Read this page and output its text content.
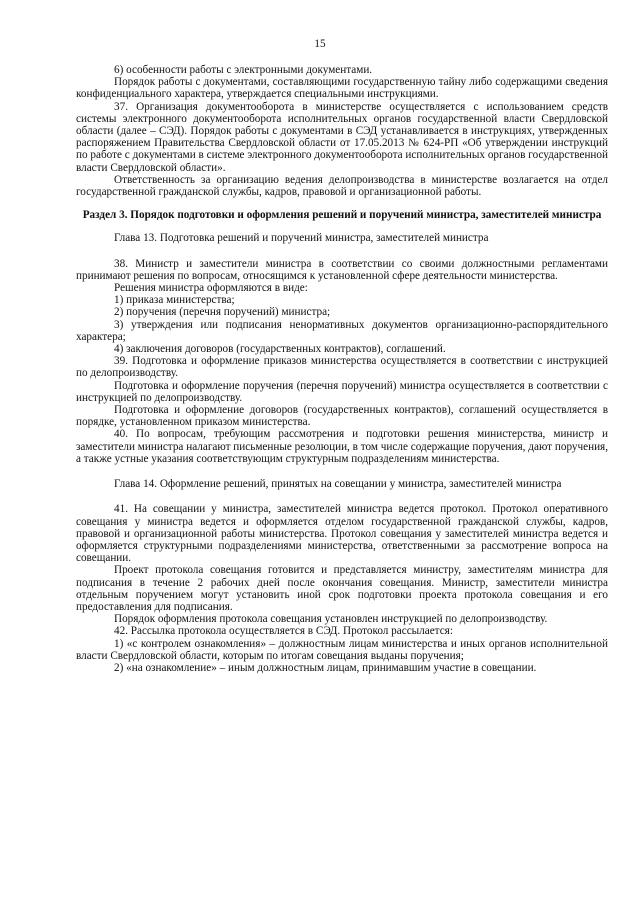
15

6) особенности работы с электронными документами.

Порядок работы с документами, составляющими государственную тайну либо содержащими сведения конфиденциального характера, утверждается специальными инструкциями.

37. Организация документооборота в министерстве осуществляется с использованием средств системы электронного документооборота исполнительных органов государственной власти Свердловской области (далее – СЭД). Порядок работы с документами в СЭД устанавливается в инструкциях, утвержденных распоряжением Правительства Свердловской области от 17.05.2013 № 624-РП «Об утверждении инструкций по работе с документами в системе электронного документооборота исполнительных органов государственной власти Свердловской области».

Ответственность за организацию ведения делопроизводства в министерстве возлагается на отдел государственной гражданской службы, кадров, правовой и организационной работы.

Раздел 3. Порядок подготовки и оформления решений и поручений министра, заместителей министра

Глава 13. Подготовка решений и поручений министра, заместителей министра

38. Министр и заместители министра в соответствии со своими должностными регламентами принимают решения по вопросам, относящимся к установленной сфере деятельности министерства.

Решения министра оформляются в виде:

1) приказа министерства;

2) поручения (перечня поручений) министра;

3) утверждения или подписания ненормативных документов организационно-распорядительного характера;

4) заключения договоров (государственных контрактов), соглашений.

39. Подготовка и оформление приказов министерства осуществляется в соответствии с инструкцией по делопроизводству.

Подготовка и оформление поручения (перечня поручений) министра осуществляется в соответствии с инструкцией по делопроизводству.

Подготовка и оформление договоров (государственных контрактов), соглашений осуществляется в порядке, установленном приказом министерства.

40. По вопросам, требующим рассмотрения и подготовки решения министерства, министр и заместители министра налагают письменные резолюции, в том числе содержащие поручения, дают поручения, а также устные указания соответствующим структурным подразделениям министерства.

Глава 14. Оформление решений, принятых на совещании у министра, заместителей министра

41. На совещании у министра, заместителей министра ведется протокол. Протокол оперативного совещания у министра ведется и оформляется отделом государственной гражданской службы, кадров, правовой и организационной работы министерства. Протокол совещания у заместителей министра ведется и оформляется структурными подразделениями министерства, ответственными за рассмотрение вопроса на совещании.

Проект протокола совещания готовится и представляется министру, заместителям министра для подписания в течение 2 рабочих дней после окончания совещания. Министр, заместители министра отдельным поручением могут установить иной срок подготовки проекта протокола совещания и его предоставления для подписания.

Порядок оформления протокола совещания установлен инструкцией по делопроизводству.

42. Рассылка протокола осуществляется в СЭД. Протокол рассылается:

1) «с контролем ознакомления» – должностным лицам министерства и иных органов исполнительной власти Свердловской области, которым по итогам совещания выданы поручения;

2) «на ознакомление» – иным должностным лицам, принимавшим участие в совещании.
